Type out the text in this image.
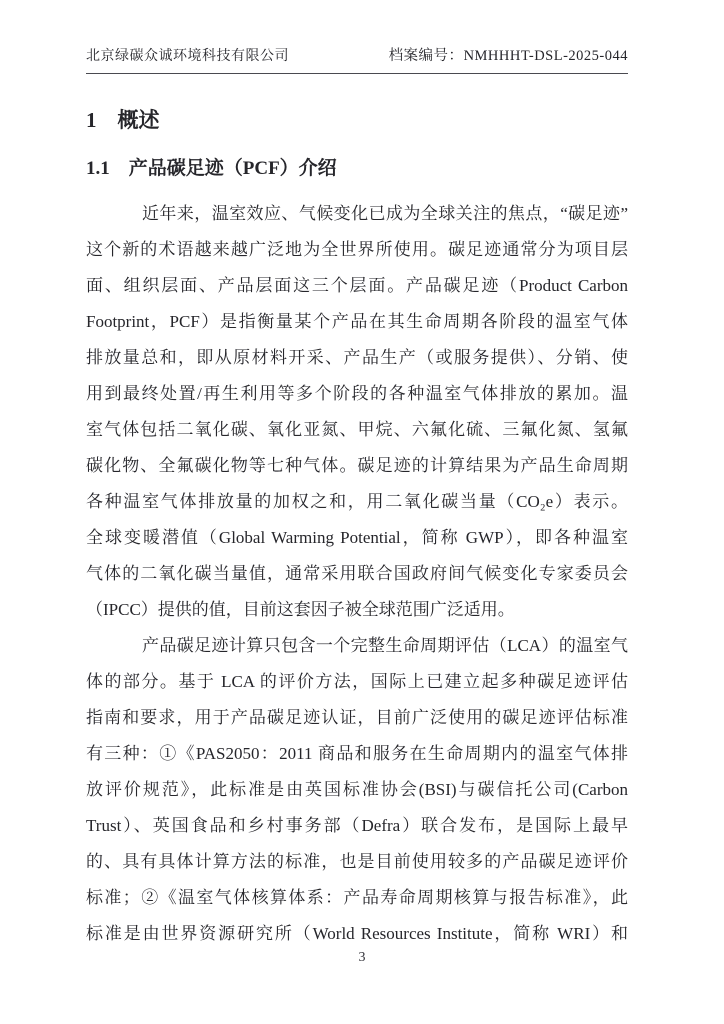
北京绿碳众诚环境科技有限公司	档案编号：NMHHHT-DSL-2025-044
1　概述
1.1　产品碳足迹（PCF）介绍
近年来，温室效应、气候变化已成为全球关注的焦点，“碳足迹”
这个新的术语越来越广泛地为全世界所使用。碳足迹通常分为项目层
面、组织层面、产品层面这三个层面。产品碳足迹（Product Carbon
Footprint，PCF）是指衡量某个产品在其生命周期各阶段的温室气体
排放量总和，即从原材料开采、产品生产（或服务提供）、分销、使
用到最终处置/再生利用等多个阶段的各种温室气体排放的累加。温
室气体包括二氧化碳、氧化亚氮、甲烷、六氟化硫、三氟化氮、氢氟
碳化物、全氟碳化物等七种气体。碳足迹的计算结果为产品生命周期
各种温室气体排放量的加权之和，用二氧化碳当量（CO₂e）表示。
全球变暖潜值（Global Warming Potential，简称 GWP），即各种温室
气体的二氧化碳当量值，通常采用联合国政府间气候变化专家委员会
（IPCC）提供的值，目前这套因子被全球范围广泛适用。
产品碳足迹计算只包含一个完整生命周期评估（LCA）的温室气
体的部分。基于 LCA 的评价方法，国际上已建立起多种碳足迹评估
指南和要求，用于产品碳足迹认证，目前广泛使用的碳足迹评估标准
有三种：①《PAS2050：2011 商品和服务在生命周期内的温室气体排
放评价规范》，此标准是由英国标准协会(BSI)与碳信托公司(Carbon
Trust）、英国食品和乡村事务部（Defra）联合发布，是国际上最早
的、具有具体计算方法的标准，也是目前使用较多的产品碳足迹评价
标准；②《温室气体核算体系：产品寿命周期核算与报告标准》，此
标准是由世界资源研究所（World Resources Institute，简称 WRI）和
3
